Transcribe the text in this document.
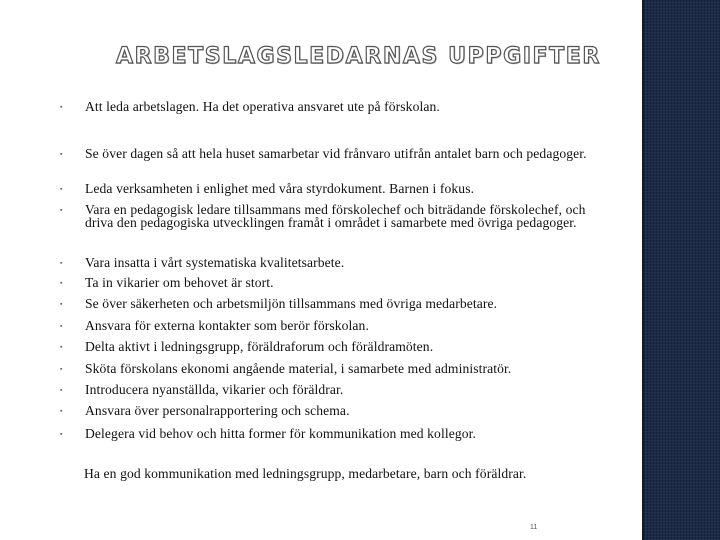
ARBETSLAGSLEDARNAS UPPGIFTER
▪ Att leda arbetslagen. Ha det operativa ansvaret ute på förskolan.
▪ Se över dagen så att hela huset samarbetar vid frånvaro utifrån antalet barn och pedagoger.
▪ Leda verksamheten i enlighet med våra styrdokument. Barnen i fokus.
▪ Vara en pedagogisk ledare tillsammans med förskolechef och biträdande förskolechef, och driva den pedagogiska utvecklingen framåt i området i samarbete med övriga pedagoger.
▪ Vara insatta i vårt systematiska kvalitetsarbete.
▪ Ta in vikarier om behovet är stort.
▪ Se över säkerheten och arbetsmiljön tillsammans med övriga medarbetare.
▪ Ansvara för externa kontakter som berör förskolan.
▪ Delta aktivt i ledningsgrupp, föräldraforum och föräldramöten.
▪ Sköta förskolans ekonomi angående material, i samarbete med administratör.
▪ Introducera nyanställda, vikarier och föräldrar.
▪ Ansvara över personalrapportering och schema.
▪ Delegera vid behov och hitta former för kommunikation med kollegor.
Ha en god kommunikation med ledningsgrupp, medarbetare, barn och föräldrar.
11
